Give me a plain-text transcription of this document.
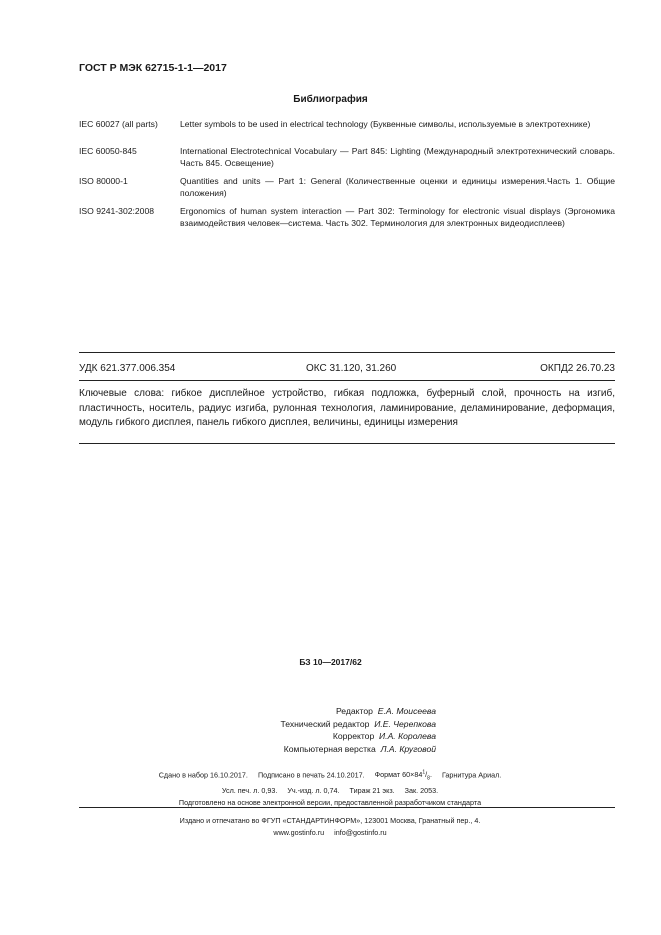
ГОСТ Р МЭК 62715-1-1—2017
Библиография
IEC 60027 (all parts)	Letter symbols to be used in electrical technology (Буквенные символы, используемые в электротехнике)
IEC 60050-845	International Electrotechnical Vocabulary — Part 845: Lighting (Международный электротехнический словарь. Часть 845. Освещение)
ISO 80000-1	Quantities and units — Part 1: General (Количественные оценки и единицы измерения.Часть 1. Общие положения)
ISO 9241-302:2008	Ergonomics of human system interaction — Part 302: Terminology for electronic visual displays (Эргономика взаимодействия человек—система. Часть 302. Терминология для электронных видеодисплеев)
УДК 621.377.006.354	ОКС 31.120, 31.260	ОКПД2 26.70.23
Ключевые слова: гибкое дисплейное устройство, гибкая подложка, буферный слой, прочность на изгиб, пластичность, носитель, радиус изгиба, рулонная технология, ламинирование, деламинирование, деформация, модуль гибкого дисплея, панель гибкого дисплея, величины, единицы измерения
БЗ 10—2017/62
Редактор Е.А. Моисеева
Технический редактор И.Е. Черепкова
Корректор И.А. Королева
Компьютерная верстка Л.А. Круговой
Сдано в набор 16.10.2017. Подписано в печать 24.10.2017. Формат $60\times 84^1/_8$. Гарнитура Ариал.
Усл. печ. л. 0,93. Уч.-изд. л. 0,74. Тираж 21 экз. Зак. 2053.
Подготовлено на основе электронной версии, предоставленной разработчиком стандарта
Издано и отпечатано во ФГУП «СТАНДАРТИНФОРМ», 123001 Москва, Гранатный пер., 4.
www.gostinfo.ru info@gostinfo.ru
